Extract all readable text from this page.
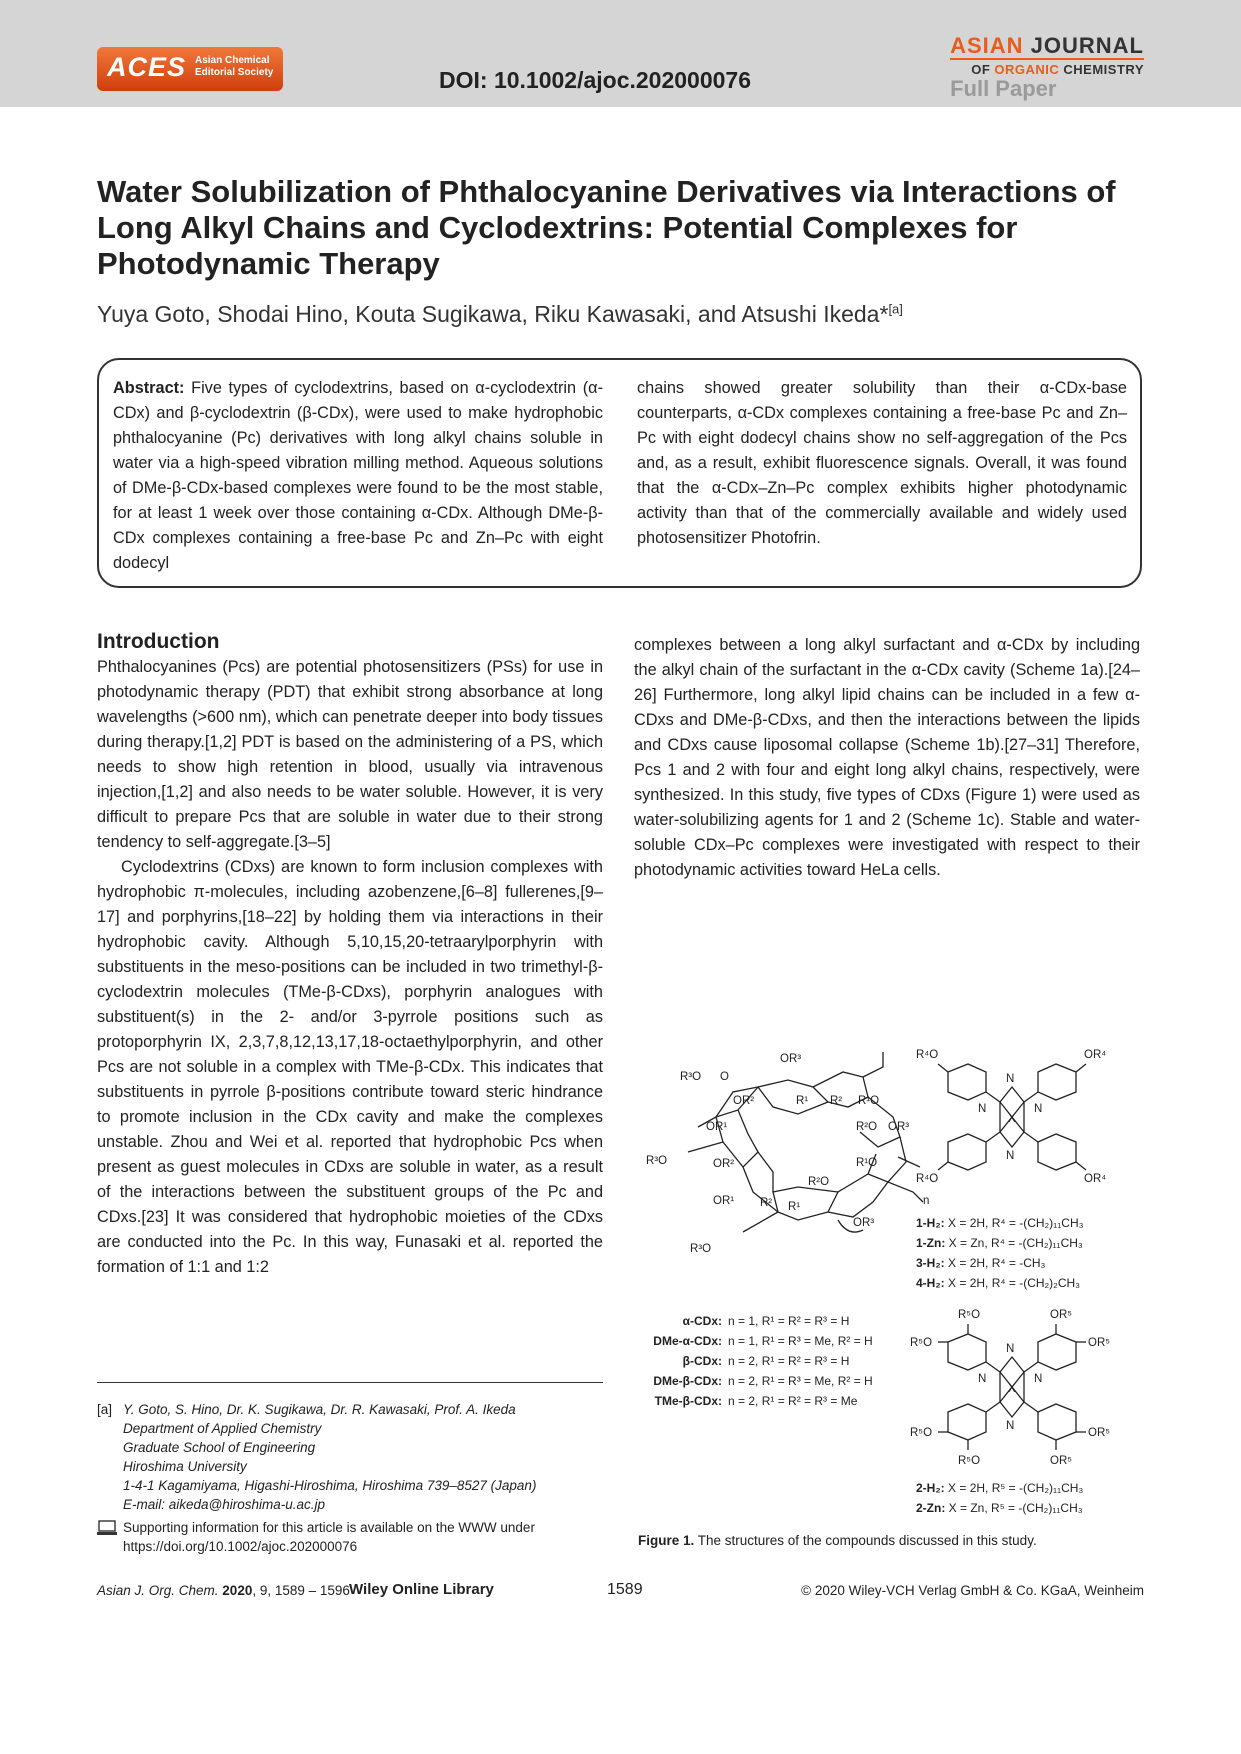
ACES Asian Chemical Editorial Society	DOI: 10.1002/ajoc.202000076
ASIAN JOURNAL
OF ORGANIC CHEMISTRY
Full Paper
Water Solubilization of Phthalocyanine Derivatives via Interactions of Long Alkyl Chains and Cyclodextrins: Potential Complexes for Photodynamic Therapy
Yuya Goto, Shodai Hino, Kouta Sugikawa, Riku Kawasaki, and Atsushi Ikeda*[a]
Abstract: Five types of cyclodextrins, based on α-cyclodextrin (α-CDx) and β-cyclodextrin (β-CDx), were used to make hydrophobic phthalocyanine (Pc) derivatives with long alkyl chains soluble in water via a high-speed vibration milling method. Aqueous solutions of DMe-β-CDx-based complexes were found to be the most stable, for at least 1 week over those containing α-CDx. Although DMe-β-CDx complexes containing a free-base Pc and Zn–Pc with eight dodecyl
chains showed greater solubility than their α-CDx-base counterparts, α-CDx complexes containing a free-base Pc and Zn–Pc with eight dodecyl chains show no self-aggregation of the Pcs and, as a result, exhibit fluorescence signals. Overall, it was found that the α-CDx–Zn–Pc complex exhibits higher photodynamic activity than that of the commercially available and widely used photosensitizer Photofrin.

Introduction

Phthalocyanines (Pcs) are potential photosensitizers (PSs) for use in photodynamic therapy (PDT) that exhibit strong absorbance at long wavelengths (>600 nm), which can penetrate deeper into body tissues during therapy.[1,2] PDT is based on the administering of a PS, which needs to show high retention in blood, usually via intravenous injection,[1,2] and also needs to be water soluble. However, it is very difficult to prepare Pcs that are soluble in water due to their strong tendency to self-aggregate.[3–5]

Cyclodextrins (CDxs) are known to form inclusion complexes with hydrophobic π-molecules, including azobenzene,[6–8] fullerenes,[9–17] and porphyrins,[18–22] by holding them via interactions in their hydrophobic cavity. Although 5,10,15,20-tetraarylporphyrin with substituents in the meso-positions can be included in two trimethyl-β-cyclodextrin molecules (TMe-β-CDxs), porphyrin analogues with substituent(s) in the 2- and/or 3-pyrrole positions such as protoporphyrin IX, 2,3,7,8,12,13,17,18-octaethylporphyrin, and other Pcs are not soluble in a complex with TMe-β-CDx. This indicates that substituents in pyrrole β-positions contribute toward steric hindrance to promote inclusion in the CDx cavity and make the complexes unstable. Zhou and Wei et al. reported that hydrophobic Pcs when present as guest molecules in CDxs are soluble in water, as a result of the interactions between the substituent groups of the Pc and CDxs.[23] It was considered that hydrophobic moieties of the CDxs are conducted into the Pc. In this way, Funasaki et al. reported the formation of 1:1 and 1:2

complexes between a long alkyl surfactant and α-CDx by including the alkyl chain of the surfactant in the α-CDx cavity (Scheme 1a).[24–26] Furthermore, long alkyl lipid chains can be included in a few α-CDxs and DMe-β-CDxs, and then the interactions between the lipids and CDxs cause liposomal collapse (Scheme 1b).[27–31] Therefore, Pcs 1 and 2 with four and eight long alkyl chains, respectively, were synthesized. In this study, five types of CDxs (Figure 1) were used as water-solubilizing agents for 1 and 2 (Scheme 1c). Stable and water-soluble CDx–Pc complexes were investigated with respect to their photodynamic activities toward HeLa cells.

OR³
R³O O
OR²	R¹ R² R¹O
OR¹	R²O OR³
R³O	OR²	R¹O
R²O
OR¹ R² R¹	n
OR³
R³O
R⁴O	OR⁴
N
N	N
X
N
R⁴O	OR⁴
1-H₂: X = 2H, R⁴ = -(CH₂)₁₁CH₃
1-Zn: X = Zn, R⁴ = -(CH₂)₁₁CH₃
3-H₂: X = 2H, R⁴ = -CH₃
4-H₂: X = 2H, R⁴ = -(CH₂)₂CH₃
α-CDx: n = 1, R¹ = R² = R³ = H
DMe-α-CDx: n = 1, R¹ = R³ = Me, R² = H
β-CDx: n = 2, R¹ = R² = R³ = H
DMe-β-CDx: n = 2, R¹ = R³ = Me, R² = H
TMe-β-CDx: n = 2, R¹ = R² = R³ = Me
R⁵O	OR⁵
R⁵O	OR⁵
N
N	N
X
N
R⁵O	OR⁵
R⁵O	OR⁵
2-H₂: X = 2H, R⁵ = -(CH₂)₁₁CH₃
2-Zn: X = Zn, R⁵ = -(CH₂)₁₁CH₃
Figure 1. The structures of the compounds discussed in this study.
[a] Y. Goto, S. Hino, Dr. K. Sugikawa, Dr. R. Kawasaki, Prof. A. Ikeda
Department of Applied Chemistry
Graduate School of Engineering
Hiroshima University
1-4-1 Kagamiyama, Higashi-Hiroshima, Hiroshima 739–8527 (Japan)
E-mail: aikeda@hiroshima-u.ac.jp
Supporting information for this article is available on the WWW under https://doi.org/10.1002/ajoc.202000076
Asian J. Org. Chem. 2020, 9, 1589 – 1596 Wiley Online Library	1589	© 2020 Wiley-VCH Verlag GmbH & Co. KGaA, Weinheim
